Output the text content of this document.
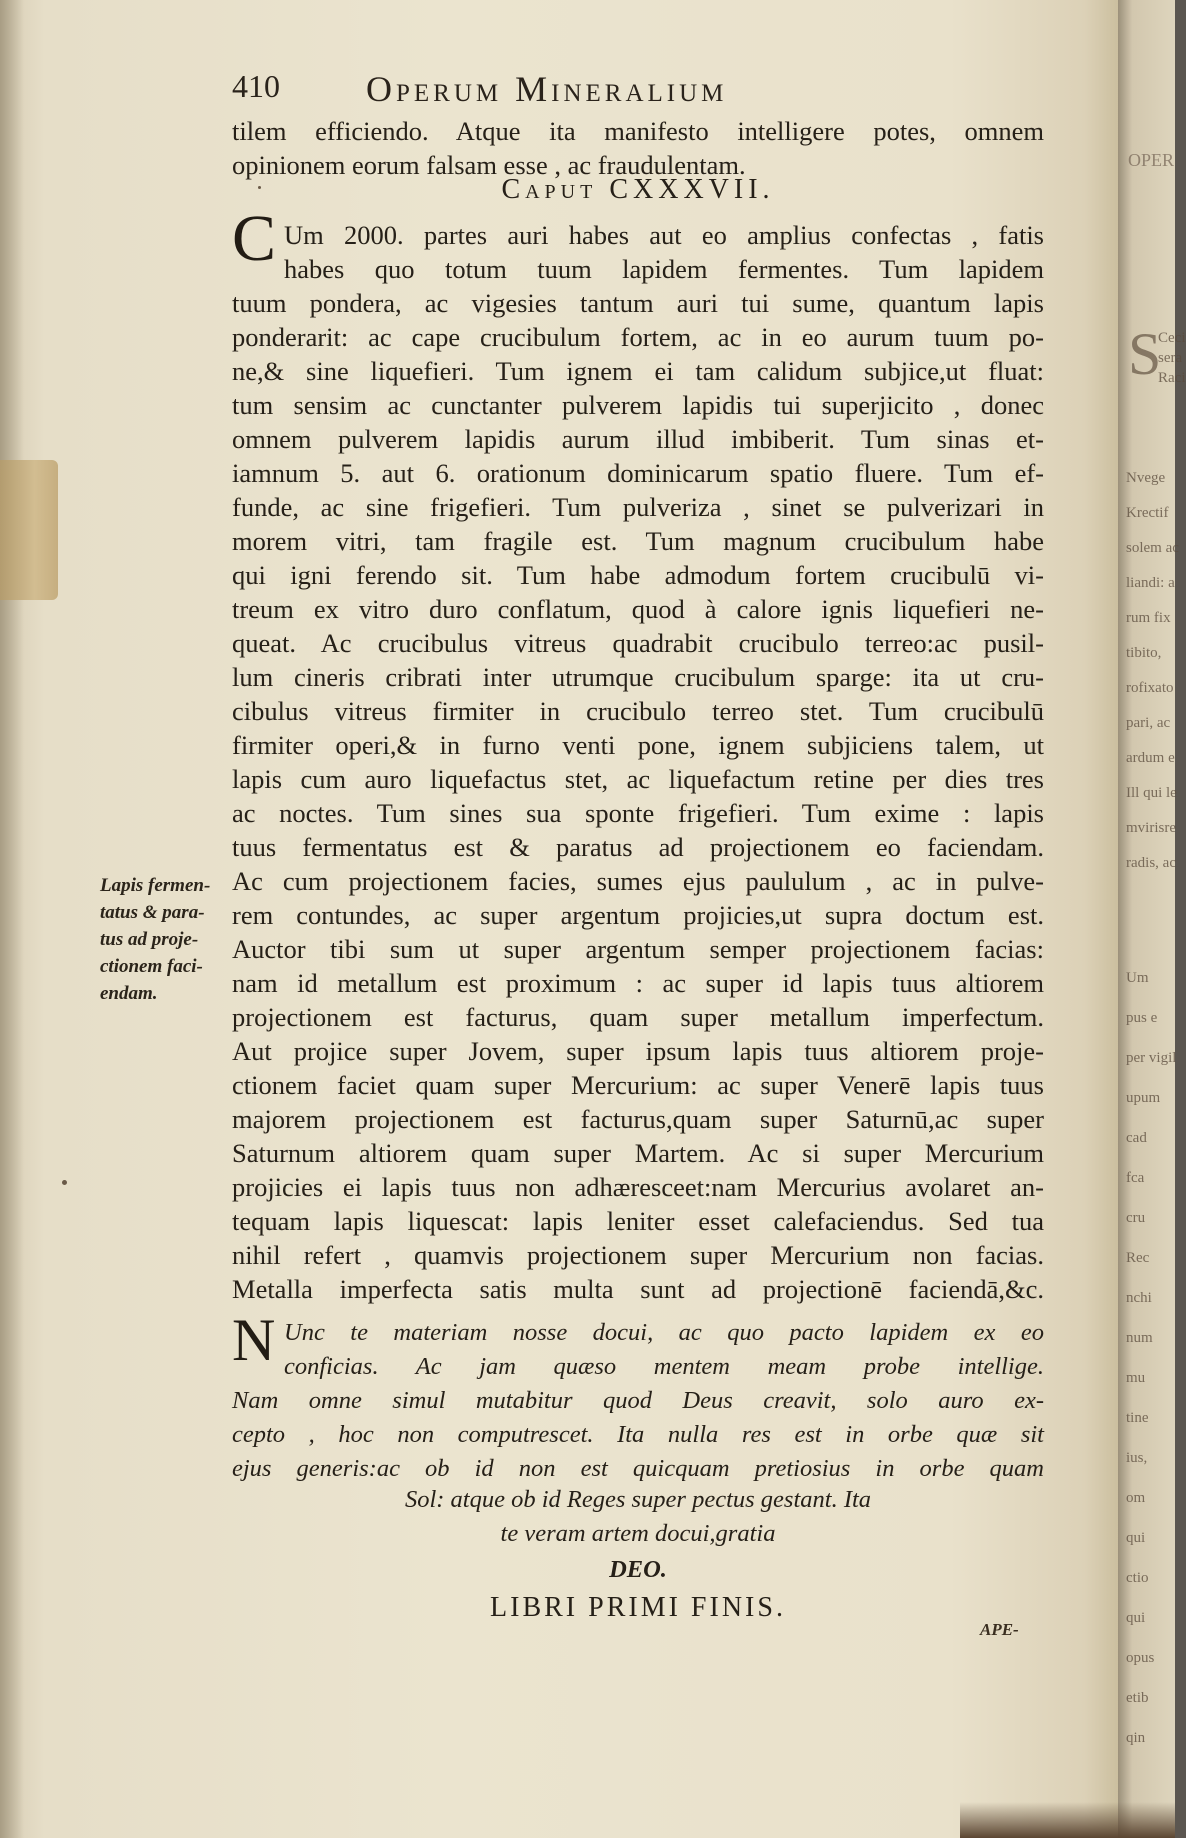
410 Operum Mineralium
tilem efficiendo. Atque ita manifesto intelligere potes, omnem
opinionem eorum falsam esse , ac fraudulentam.
Caput CXXXVII.
C Um 2000. partes auri habes aut eo amplius confectas , fatis
habes quo totum tuum lapidem fermentes. Tum lapidem
tuum pondera, ac vigesies tantum auri tui sume, quantum lapis
ponderarit: ac cape crucibulum fortem, ac in eo aurum tuum po-
ne,& sine liquefieri. Tum ignem ei tam calidum subjice,ut fluat:
tum sensim ac cunctanter pulverem lapidis tui superjicito , donec
omnem pulverem lapidis aurum illud imbiberit. Tum sinas et-
iamnum 5. aut 6. orationum dominicarum spatio fluere. Tum ef-
funde, ac sine frigefieri. Tum pulveriza , sinet se pulverizari in
morem vitri, tam fragile est. Tum magnum crucibulum habe
qui igni ferendo sit. Tum habe admodum fortem crucibulū vi-
treum ex vitro duro conflatum, quod à calore ignis liquefieri ne-
queat. Ac crucibulus vitreus quadrabit crucibulo terreo:ac pusil-
lum cineris cribrati inter utrumque crucibulum sparge: ita ut cru-
cibulus vitreus firmiter in crucibulo terreo stet. Tum crucibulū
firmiter operi,& in furno venti pone, ignem subjiciens talem, ut
lapis cum auro liquefactus stet, ac liquefactum retine per dies tres
ac noctes. Tum sines sua sponte frigefieri. Tum exime : lapis
tuus fermentatus est & paratus ad projectionem eo faciendam.
Ac cum projectionem facies, sumes ejus paululum , ac in pulve-
rem contundes, ac super argentum projicies,ut supra doctum est.
Auctor tibi sum ut super argentum semper projectionem facias:
nam id metallum est proximum : ac super id lapis tuus altiorem
projectionem est facturus, quam super metallum imperfectum.
Aut projice super Jovem, super ipsum lapis tuus altiorem proje-
ctionem faciet quam super Mercurium: ac super Venerē lapis tuus
majorem projectionem est facturus,quam super Saturnū,ac super
Saturnum altiorem quam super Martem. Ac si super Mercurium
projicies ei lapis tuus non adhæresceet:nam Mercurius avolaret an-
tequam lapis liquescat: lapis leniter esset calefaciendus. Sed tua
nihil refert , quamvis projectionem super Mercurium non facias.
Metalla imperfecta satis multa sunt ad projectionē faciendā,&c.
Lapis fermen-
tatus & para-
tus ad proje-
ctionem faci-
endam.
N Unc te materiam nosse docui, ac quo pacto lapidem ex eo
conficias. Ac jam quæso mentem meam probe intellige.
Nam omne simul mutabitur quod Deus creavit, solo auro ex-
cepto , hoc non computrescet. Ita nulla res est in orbe quæ sit
ejus generis:ac ob id non est quicquam pretiosius in orbe quam
Sol: atque ob id Reges super pectus gestant. Ita
te veram artem docui,gratia
DEO.
LIBRI PRIMI FINIS.
APE-
OPER
S
Ceci
sera
Raci
Nvege
Krectif
solem ac
liandi: a
rum fix
tibito,
rofixato
pari, ac
ardum e
Ill qui le
mvirisre
radis, ac
Um
pus e
per vigil
upum
cad
fca
cru
Rec
nchi
num
mu
tine
ius,
om
qui
ctio
qui
opus
etib
qin
